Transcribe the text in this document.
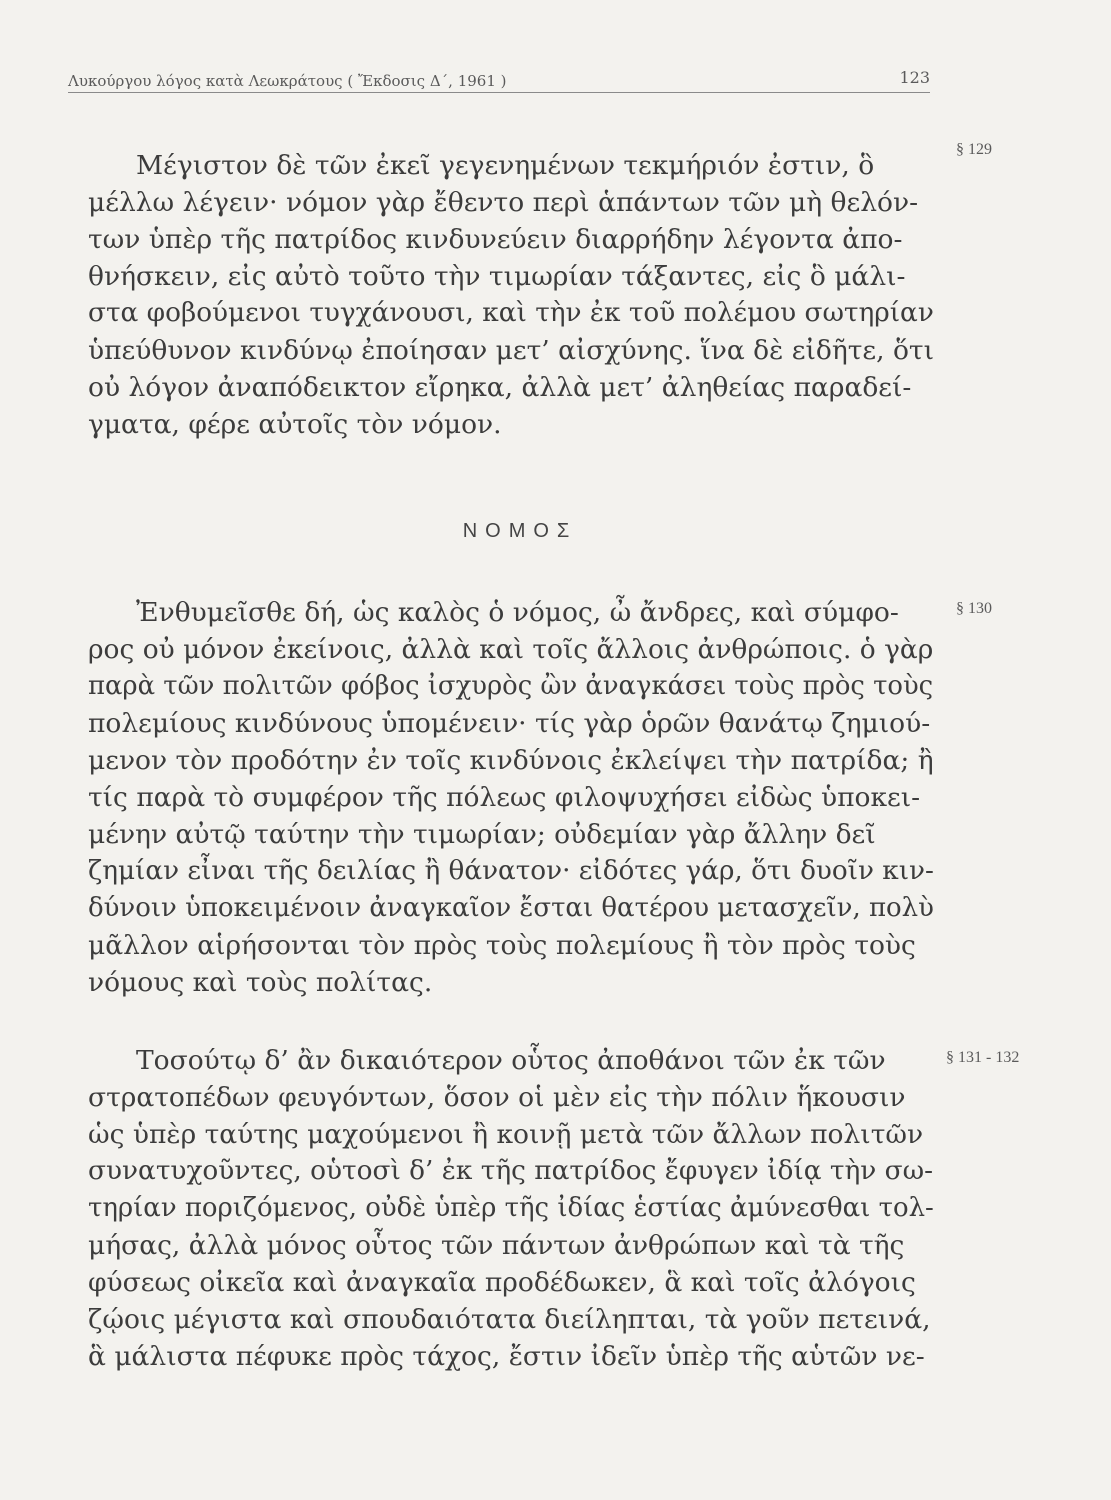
Λυκούργου λόγος κατὰ Λεωκράτους ( Ἔκδοσις Δ΄, 1961 )	123
Μέγιστον δὲ τῶν ἐκεῖ γεγενημένων τεκμήριόν ἐστιν, ὃ
μέλλω λέγειν· νόμον γὰρ ἔθεντο περὶ ἁπάντων τῶν μὴ θελόν-
των ὑπὲρ τῆς πατρίδος κινδυνεύειν διαρρήδην λέγοντα ἀπο-
θνήσκειν, εἰς αὐτὸ τοῦτο τὴν τιμωρίαν τάξαντες, εἰς ὃ μάλι-
στα φοβούμενοι τυγχάνουσι, καὶ τὴν ἐκ τοῦ πολέμου σωτηρίαν
ὑπεύθυνον κινδύνῳ ἐποίησαν μετ’ αἰσχύνης. ἵνα δὲ εἰδῆτε, ὅτι
οὐ λόγον ἀναπόδεικτον εἴρηκα, ἀλλὰ μετ’ ἀληθείας παραδεί-
γματα, φέρε αὐτοῖς τὸν νόμον.
§ 129
ΝΟΜΟΣ
Ἐνθυμεῖσθε δή, ὡς καλὸς ὁ νόμος, ὦ ἄνδρες, καὶ σύμφο-
ρος οὐ μόνον ἐκείνοις, ἀλλὰ καὶ τοῖς ἄλλοις ἀνθρώποις. ὁ γὰρ
παρὰ τῶν πολιτῶν φόβος ἰσχυρὸς ὢν ἀναγκάσει τοὺς πρὸς τοὺς
πολεμίους κινδύνους ὑπομένειν· τίς γὰρ ὁρῶν θανάτῳ ζημιού-
μενον τὸν προδότην ἐν τοῖς κινδύνοις ἐκλείψει τὴν πατρίδα; ἢ
τίς παρὰ τὸ συμφέρον τῆς πόλεως φιλοψυχήσει εἰδὼς ὑποκει-
μένην αὐτῷ ταύτην τὴν τιμωρίαν; οὐδεμίαν γὰρ ἄλλην δεῖ
ζημίαν εἶναι τῆς δειλίας ἢ θάνατον· εἰδότες γάρ, ὅτι δυοῖν κιν-
δύνοιν ὑποκειμένοιν ἀναγκαῖον ἔσται θατέρου μετασχεῖν, πολὺ
μᾶλλον αἱρήσονται τὸν πρὸς τοὺς πολεμίους ἢ τὸν πρὸς τοὺς
νόμους καὶ τοὺς πολίτας.
§ 130
Τοσούτῳ δ’ ἂν δικαιότερον οὗτος ἀποθάνοι τῶν ἐκ τῶν
στρατοπέδων φευγόντων, ὅσον οἱ μὲν εἰς τὴν πόλιν ἥκουσιν
ὡς ὑπὲρ ταύτης μαχούμενοι ἢ κοινῇ μετὰ τῶν ἄλλων πολιτῶν
συνατυχοῦντες, οὑτοσὶ δ’ ἐκ τῆς πατρίδος ἔφυγεν ἰδίᾳ τὴν σω-
τηρίαν ποριζόμενος, οὐδὲ ὑπὲρ τῆς ἰδίας ἑστίας ἀμύνεσθαι τολ-
μήσας, ἀλλὰ μόνος οὗτος τῶν πάντων ἀνθρώπων καὶ τὰ τῆς
φύσεως οἰκεῖα καὶ ἀναγκαῖα προδέδωκεν, ἃ καὶ τοῖς ἀλόγοις
ζῴοις μέγιστα καὶ σπουδαιότατα διείληπται, τὰ γοῦν πετεινά,
ἃ μάλιστα πέφυκε πρὸς τάχος, ἔστιν ἰδεῖν ὑπὲρ τῆς αὑτῶν νε-
§ 131 - 132
